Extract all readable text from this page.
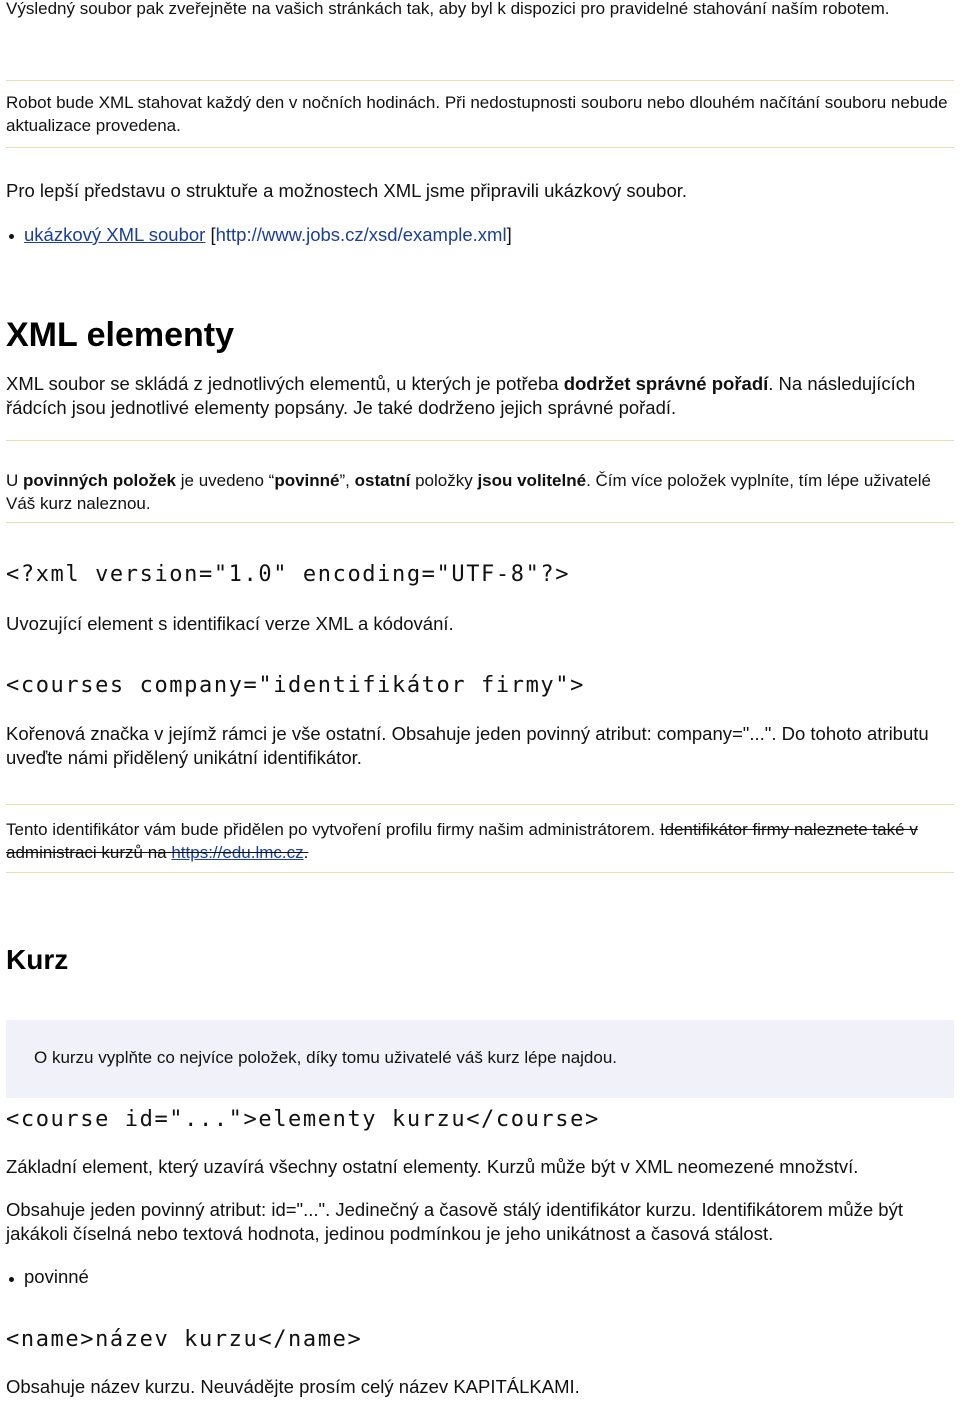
Výsledný soubor pak zveřejněte na vašich stránkách tak, aby byl k dispozici pro pravidelné stahování naším robotem.
Robot bude XML stahovat každý den v nočních hodinách. Při nedostupnosti souboru nebo dlouhém načítání souboru nebude aktualizace provedena.
Pro lepší představu o struktuře a možnostech XML jsme připravili ukázkový soubor.
ukázkový XML soubor [http://www.jobs.cz/xsd/example.xml]
XML elementy
XML soubor se skládá z jednotlivých elementů, u kterých je potřeba dodržet správné pořadí. Na následujících řádcích jsou jednotlivé elementy popsány. Je také dodrženo jejich správné pořadí.
U povinných položek je uvedeno “povinné”, ostatní položky jsou volitelné. Čím více položek vyplníte, tím lépe uživatelé Váš kurz naleznou.
<?xml version="1.0" encoding="UTF-8"?>
Uvozující element s identifikací verze XML a kódování.
<courses company="identifikátor firmy">
Kořenová značka v jejímž rámci je vše ostatní. Obsahuje jeden povinný atribut: company="...". Do tohoto atributu uveďte námi přidělený unikátní identifikátor.
Tento identifikátor vám bude přidělen po vytvoření profilu firmy našim administrátorem. Identifikátor firmy naleznete také v administraci kurzů na https://edu.lmc.cz.
Kurz
O kurzu vyplňte co nejvíce položek, díky tomu uživatelé váš kurz lépe najdou.
<course id="...">elementy kurzu</course>
Základní element, který uzavírá všechny ostatní elementy. Kurzů může být v XML neomezené množství.
Obsahuje jeden povinný atribut: id="...". Jedinečný a časově stálý identifikátor kurzu. Identifikátorem může být jakákoli číselná nebo textová hodnota, jedinou podmínkou je jeho unikátnost a časová stálost.
povinné
<name>název kurzu</name>
Obsahuje název kurzu. Neuvádějte prosím celý název KAPITÁLKAMI.
